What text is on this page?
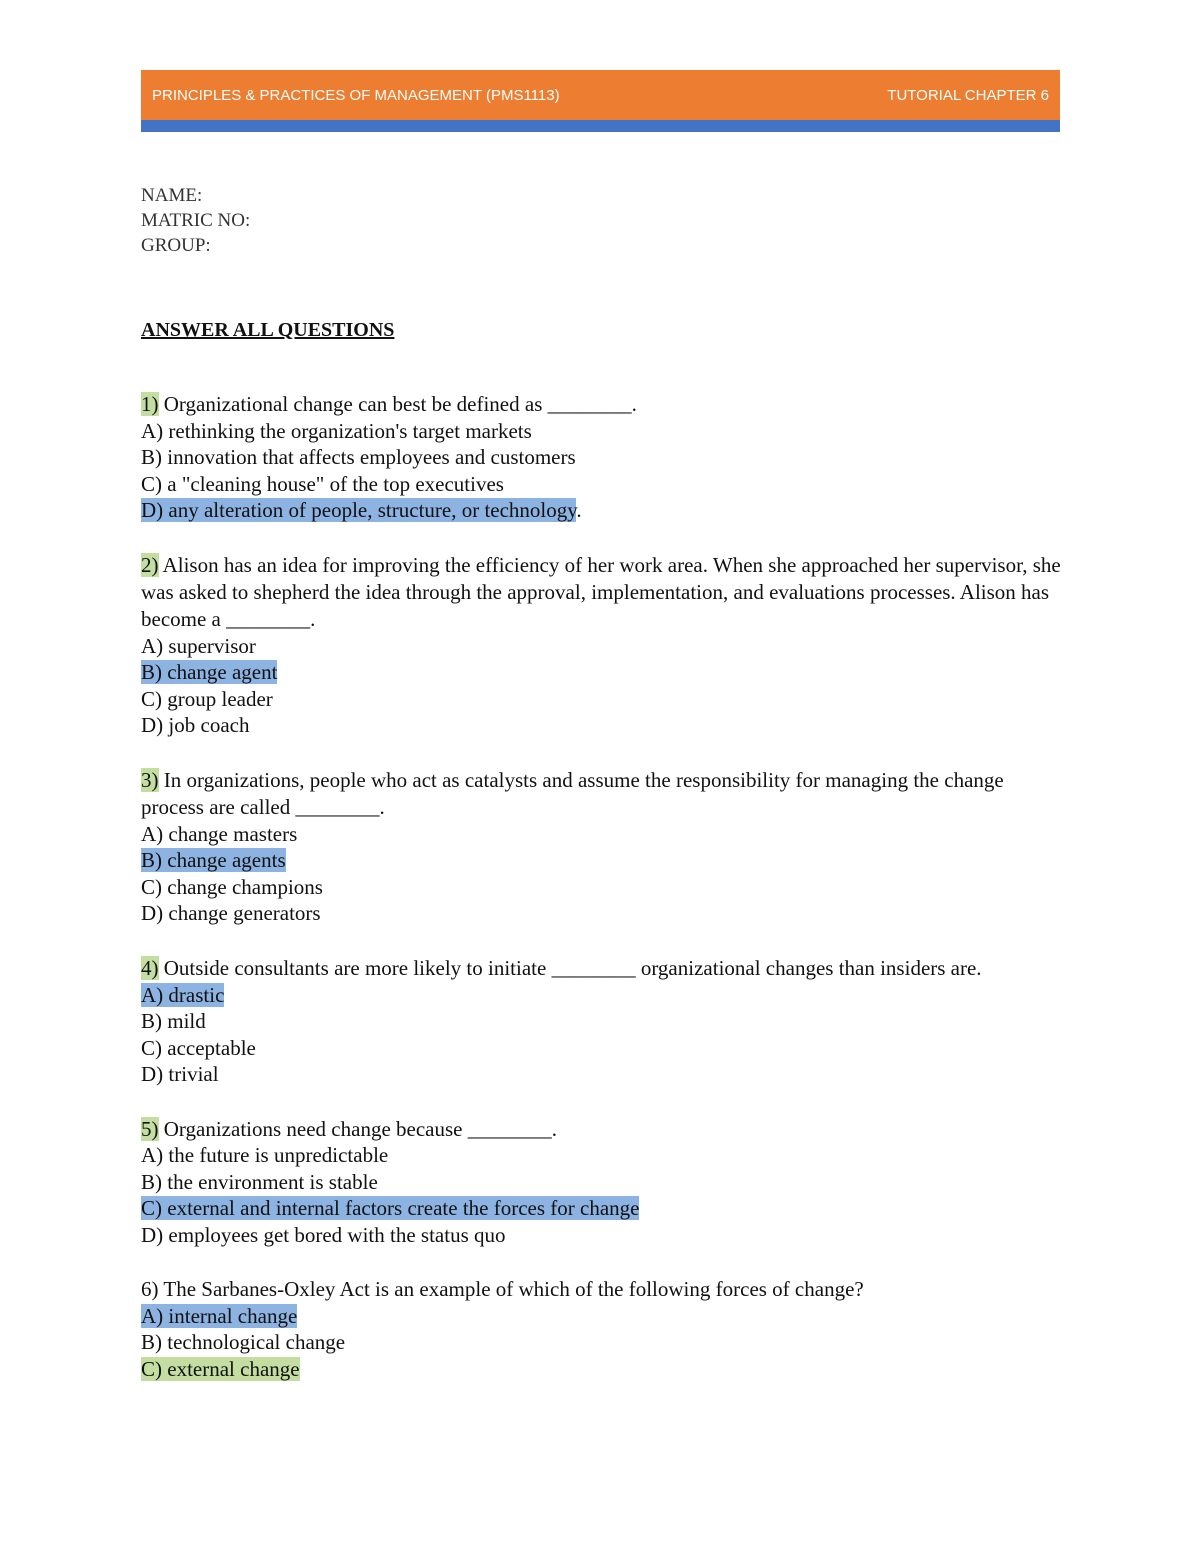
PRINCIPLES & PRACTICES OF MANAGEMENT (PMS1113)	TUTORIAL CHAPTER 6
NAME:
MATRIC NO:
GROUP:
ANSWER ALL QUESTIONS
1) Organizational change can best be defined as ________.
A) rethinking the organization's target markets
B) innovation that affects employees and customers
C) a "cleaning house" of the top executives
D) any alteration of people, structure, or technology.
2) Alison has an idea for improving the efficiency of her work area. When she approached her supervisor, she was asked to shepherd the idea through the approval, implementation, and evaluations processes. Alison has become a ________.
A) supervisor
B) change agent
C) group leader
D) job coach
3) In organizations, people who act as catalysts and assume the responsibility for managing the change process are called ________.
A) change masters
B) change agents
C) change champions
D) change generators
4) Outside consultants are more likely to initiate ________ organizational changes than insiders are.
A) drastic
B) mild
C) acceptable
D) trivial
5) Organizations need change because ________.
A) the future is unpredictable
B) the environment is stable
C) external and internal factors create the forces for change
D) employees get bored with the status quo
6) The Sarbanes-Oxley Act is an example of which of the following forces of change?
A) internal change
B) technological change
C) external change
